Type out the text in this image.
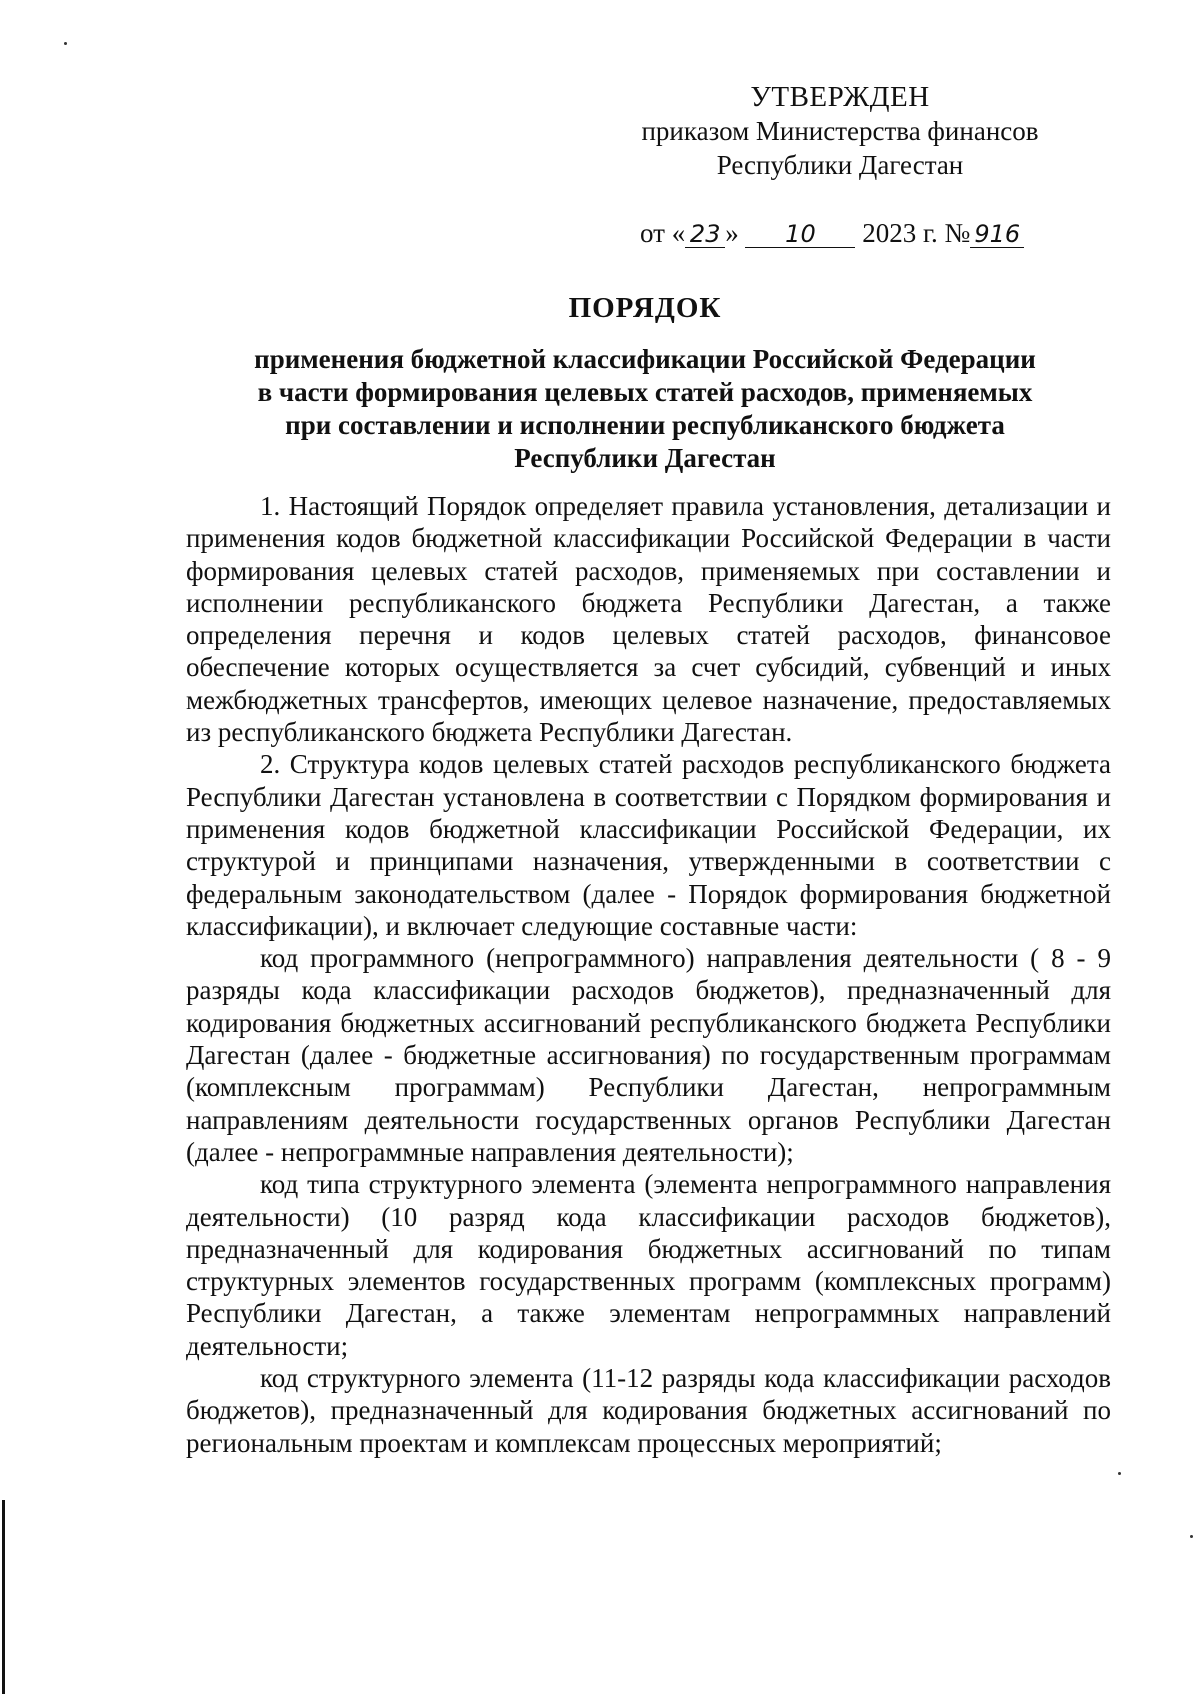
УТВЕРЖДЕН
приказом Министерства финансов
Республики Дагестан
от « 23 » 10 2023 г. № 916
ПОРЯДОК
применения бюджетной классификации Российской Федерации
в части формирования целевых статей расходов, применяемых
при составлении и исполнении республиканского бюджета
Республики Дагестан

1. Настоящий Порядок определяет правила установления, детализации и применения кодов бюджетной классификации Российской Федерации в части формирования целевых статей расходов, применяемых при составлении и исполнении республиканского бюджета Республики Дагестан, а также определения перечня и кодов целевых статей расходов, финансовое обеспечение которых осуществляется за счет субсидий, субвенций и иных межбюджетных трансфертов, имеющих целевое назначение, предоставляемых из республиканского бюджета Республики Дагестан.

2. Структура кодов целевых статей расходов республиканского бюджета Республики Дагестан установлена в соответствии с Порядком формирования и применения кодов бюджетной классификации Российской Федерации, их структурой и принципами назначения, утвержденными в соответствии с федеральным законодательством (далее - Порядок формирования бюджетной классификации), и включает следующие составные части:

код программного (непрограммного) направления деятельности ( 8 - 9 разряды кода классификации расходов бюджетов), предназначенный для кодирования бюджетных ассигнований республиканского бюджета Республики Дагестан (далее - бюджетные ассигнования) по государственным программам (комплексным программам) Республики Дагестан, непрограммным направлениям деятельности государственных органов Республики Дагестан (далее - непрограммные направления деятельности);

код типа структурного элемента (элемента непрограммного направления деятельности) (10 разряд кода классификации расходов бюджетов), предназначенный для кодирования бюджетных ассигнований по типам структурных элементов государственных программ (комплексных программ) Республики Дагестан, а также элементам непрограммных направлений деятельности;

код структурного элемента (11-12 разряды кода классификации расходов бюджетов), предназначенный для кодирования бюджетных ассигнований по региональным проектам и комплексам процессных мероприятий;
